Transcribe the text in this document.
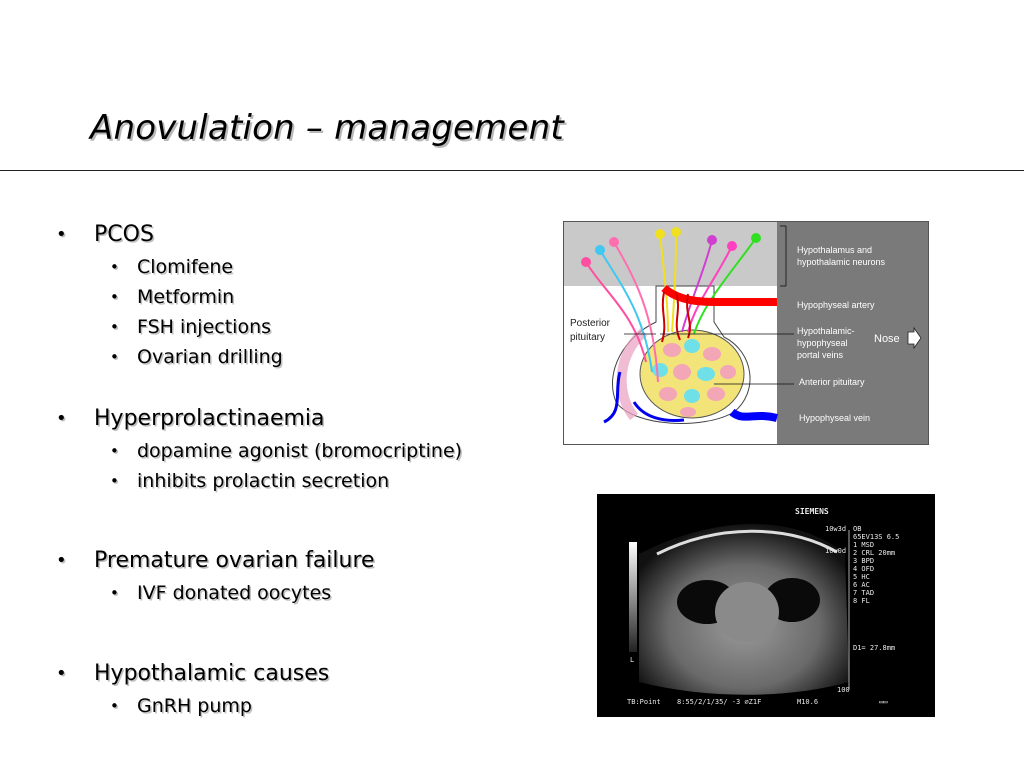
Anovulation – management
• PCOS
• Clomifene
• Metformin
• FSH injections
• Ovarian drilling
• Hyperprolactinaemia
• dopamine agonist (bromocriptine)
• inhibits prolactin secretion
• Premature ovarian failure
• IVF donated oocytes
• Hypothalamic causes
• GnRH pump
Posterior
pituitary
Hypothalamus and
hypothalamic neurons
Hypophyseal artery
Hypothalamic-
hypophyseal
portal veins
Nose
Anterior pituitary
Hypophyseal vein
SIEMENS
L
10w3d
10w0d
OB
65EV13S 6.5
1 MSD
2 CRL 20mm
3 BPD
4 OFD
5 HC
6 AC
7 TAD
8 FL
D1= 27.8mm
100
TB:Point 8:55/2/1/35/ -3 ⌀Z1F	M10.6	▭▭
